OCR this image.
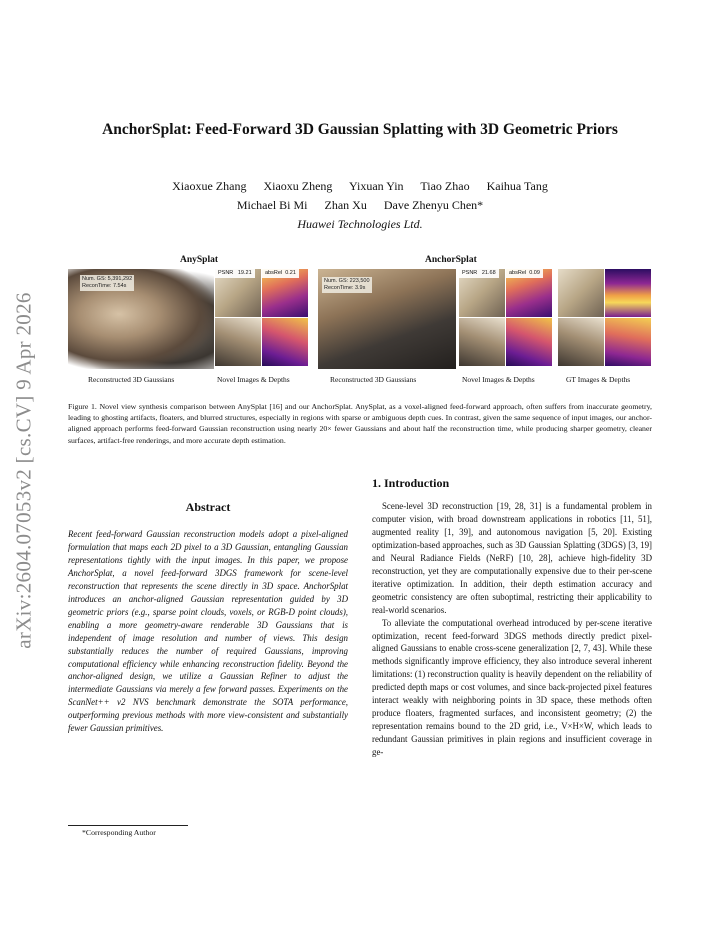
arXiv:2604.07053v2 [cs.CV] 9 Apr 2026
AnchorSplat: Feed-Forward 3D Gaussian Splatting with 3D Geometric Priors
Xiaoxue Zhang Xiaoxu Zheng Yixuan Yin Tiao Zhao Kaihua Tang
Michael Bi Mi Zhan Xu Dave Zhenyu Chen*
Huawei Technologies Ltd.
AnySplat	AnchorSplat
Num. GS: 5,391,292
ReconTime: 7.54s
PSNR 19.21	absRel 0.21
Num. GS: 223,500
ReconTime: 3.9s
PSNR 21.68	absRel 0.09
Reconstructed 3D Gaussians	Novel Images & Depths	Reconstructed 3D Gaussians	Novel Images & Depths	GT Images & Depths

Figure 1. Novel view synthesis comparison between AnySplat [16] and our AnchorSplat. AnySplat, as a voxel-aligned feed-forward approach, often suffers from inaccurate geometry, leading to ghosting artifacts, floaters, and blurred structures, especially in regions with sparse or ambiguous depth cues. In contrast, given the same sequence of input images, our anchor-aligned approach performs feed-forward Gaussian reconstruction using nearly 20× fewer Gaussians and about half the reconstruction time, while producing sharper geometry, cleaner surfaces, artifact-free renderings, and more accurate depth estimation.

Abstract

Recent feed-forward Gaussian reconstruction models adopt a pixel-aligned formulation that maps each 2D pixel to a 3D Gaussian, entangling Gaussian representations tightly with the input images. In this paper, we propose AnchorSplat, a novel feed-forward 3DGS framework for scene-level reconstruction that represents the scene directly in 3D space. AnchorSplat introduces an anchor-aligned Gaussian representation guided by 3D geometric priors (e.g., sparse point clouds, voxels, or RGB-D point clouds), enabling a more geometry-aware renderable 3D Gaussians that is independent of image resolution and number of views. This design substantially reduces the number of required Gaussians, improving computational efficiency while enhancing reconstruction fidelity. Beyond the anchor-aligned design, we utilize a Gaussian Refiner to adjust the intermediate Gaussians via merely a few forward passes. Experiments on the ScanNet++ v2 NVS benchmark demonstrate the SOTA performance, outperforming previous methods with more view-consistent and substantially fewer Gaussian primitives.

1. Introduction

Scene-level 3D reconstruction [19, 28, 31] is a fundamental problem in computer vision, with broad downstream applications in robotics [11, 51], augmented reality [1, 39], and autonomous navigation [5, 20]. Existing optimization-based approaches, such as 3D Gaussian Splatting (3DGS) [3, 19] and Neural Radiance Fields (NeRF) [10, 28], achieve high-fidelity 3D reconstruction, yet they are computationally expensive due to their per-scene iterative optimization. In addition, their depth estimation accuracy and geometric consistency are often suboptimal, restricting their applicability to real-world scenarios.

To alleviate the computational overhead introduced by per-scene iterative optimization, recent feed-forward 3DGS methods directly predict pixel-aligned Gaussians to enable cross-scene generalization [2, 7, 43]. While these methods significantly improve efficiency, they also introduce several inherent limitations: (1) reconstruction quality is heavily dependent on the reliability of predicted depth maps or cost volumes, and since back-projected pixel features interact weakly with neighboring points in 3D space, these methods often produce floaters, fragmented surfaces, and inconsistent geometry; (2) the representation remains bound to the 2D grid, i.e., V×H×W, which leads to redundant Gaussian primitives in plain regions and insufficient coverage in ge-

*Corresponding Author
